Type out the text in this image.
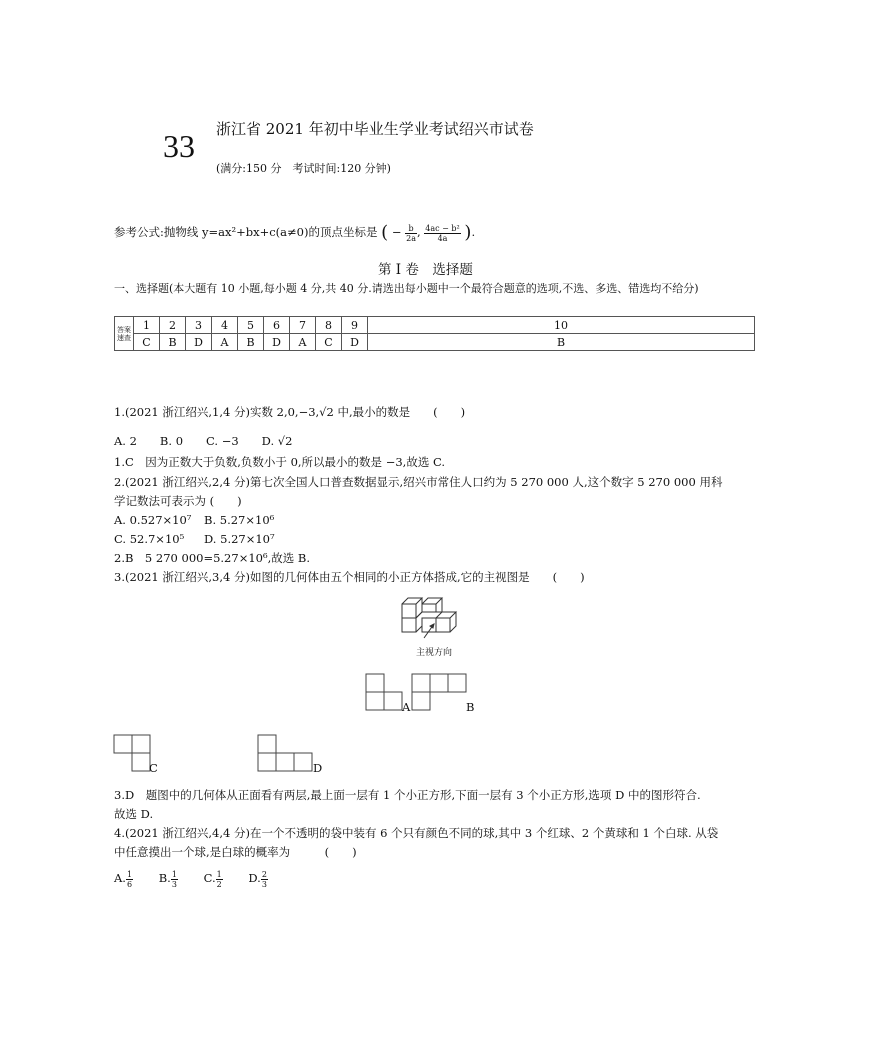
33 浙江省 2021 年初中毕业生学业考试绍兴市试卷
(满分:150 分　考试时间:120 分钟)
参考公式:抛物线 y=ax²+bx+c(a≠0)的顶点坐标是 ( − $\frac{b}{2a}$ , $\frac{\text{4ac − b²}}{4a}$ ).
第 Ⅰ 卷　选择题
一、选择题(本大题有 10 小题,每小题 4 分,共 40 分.请选出每小题中一个最符合题意的选项,不选、多选、错选均不给分)
答案速查	1	2	3	4	5	6	7	8	9	10
	C	B	D	A	B	D	A	C	D	B
1.(2021 浙江绍兴,1,4 分)实数 2,0,−3,√2 中,最小的数是　　(　　)
A. 2　　B. 0　　C. −3　　D. √2
1.C　因为正数大于负数,负数小于 0,所以最小的数是 −3,故选 C.
2.(2021 浙江绍兴,2,4 分)第七次全国人口普查数据显示,绍兴市常住人口约为 5 270 000 人,这个数字 5 270 000 用科
学记数法可表示为 (　　)
A. 0.527×10⁷ B. 5.27×10⁶
C. 52.7×10⁵ D. 5.27×10⁷
2.B　5 270 000=5.27×10⁶,故选 B.
3.(2021 浙江绍兴,3,4 分)如图的几何体由五个相同的小正方体搭成,它的主视图是　　(　　)
主视方向
A	B
C	D
3.D　题图中的几何体从正面看有两层,最上面一层有 1 个小正方形,下面一层有 3 个小正方形,选项 D 中的图形符合.
故选 D.
4.(2021 浙江绍兴,4,4 分)在一个不透明的袋中装有 6 个只有颜色不同的球,其中 3 个红球、2 个黄球和 1 个白球. 从袋
中任意摸出一个球,是白球的概率为　　　(　　)
A. $\frac{1}{6} B$. $\frac{1}{3} C$. $\frac{1}{2} D$. $\frac{2}{3}$
